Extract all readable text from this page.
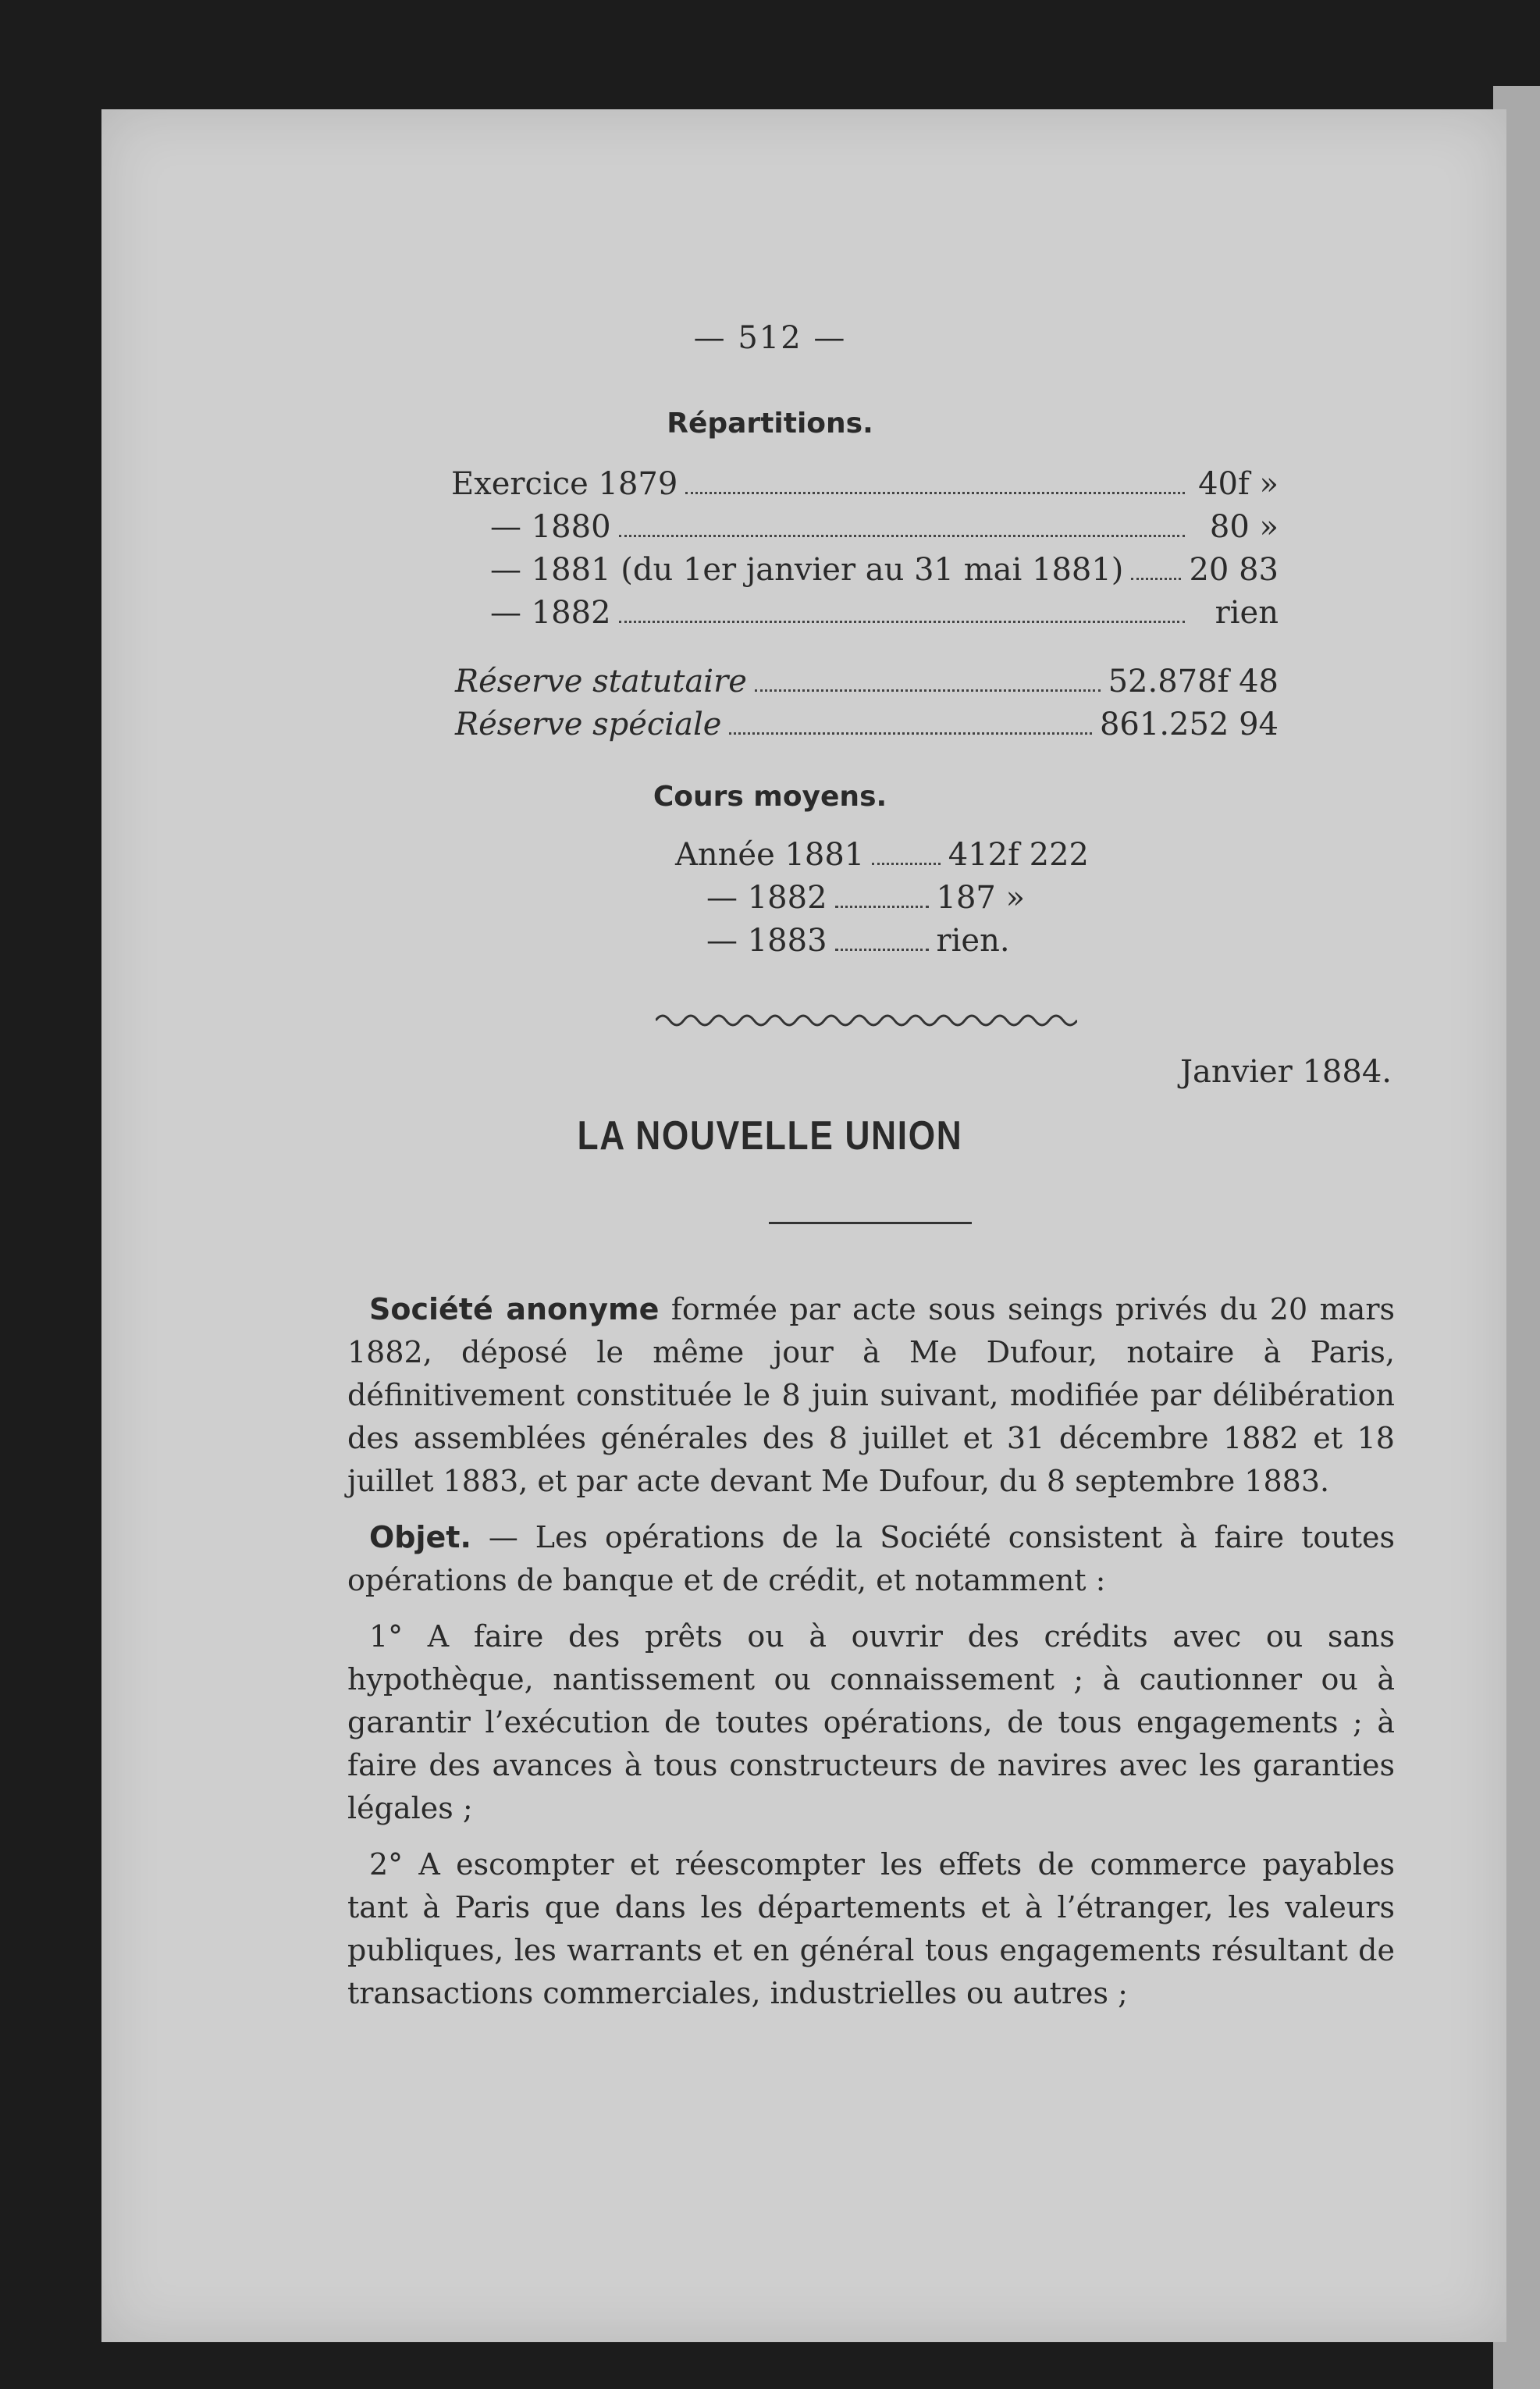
— 512 —
Répartitions.
Exercice 1879	40f »
— 1880	80 »
— 1881 (du 1er janvier au 31 mai 1881) 20 83
— 1882	rien
Réserve statutaire	52.878f 48
Réserve spéciale	861.252 94
Cours moyens.
Année 1881	412f 222
— 1882	187 »
— 1883	rien.
Janvier 1884.
LA NOUVELLE UNION

Société anonyme formée par acte sous seings privés du 20 mars 1882, déposé le même jour à Me Dufour, notaire à Paris, définitivement constituée le 8 juin suivant, modifiée par délibération des assemblées générales des 8 juillet et 31 décembre 1882 et 18 juillet 1883, et par acte devant Me Dufour, du 8 septembre 1883.

Objet. — Les opérations de la Société consistent à faire toutes opérations de banque et de crédit, et notamment :

1° A faire des prêts ou à ouvrir des crédits avec ou sans hypothèque, nantissement ou connaissement ; à cautionner ou à garantir l’exécution de toutes opérations, de tous engagements ; à faire des avances à tous constructeurs de navires avec les garanties légales ;

2° A escompter et réescompter les effets de commerce payables tant à Paris que dans les départements et à l’étranger, les valeurs publiques, les warrants et en général tous engagements résultant de transactions commerciales, industrielles ou autres ;
